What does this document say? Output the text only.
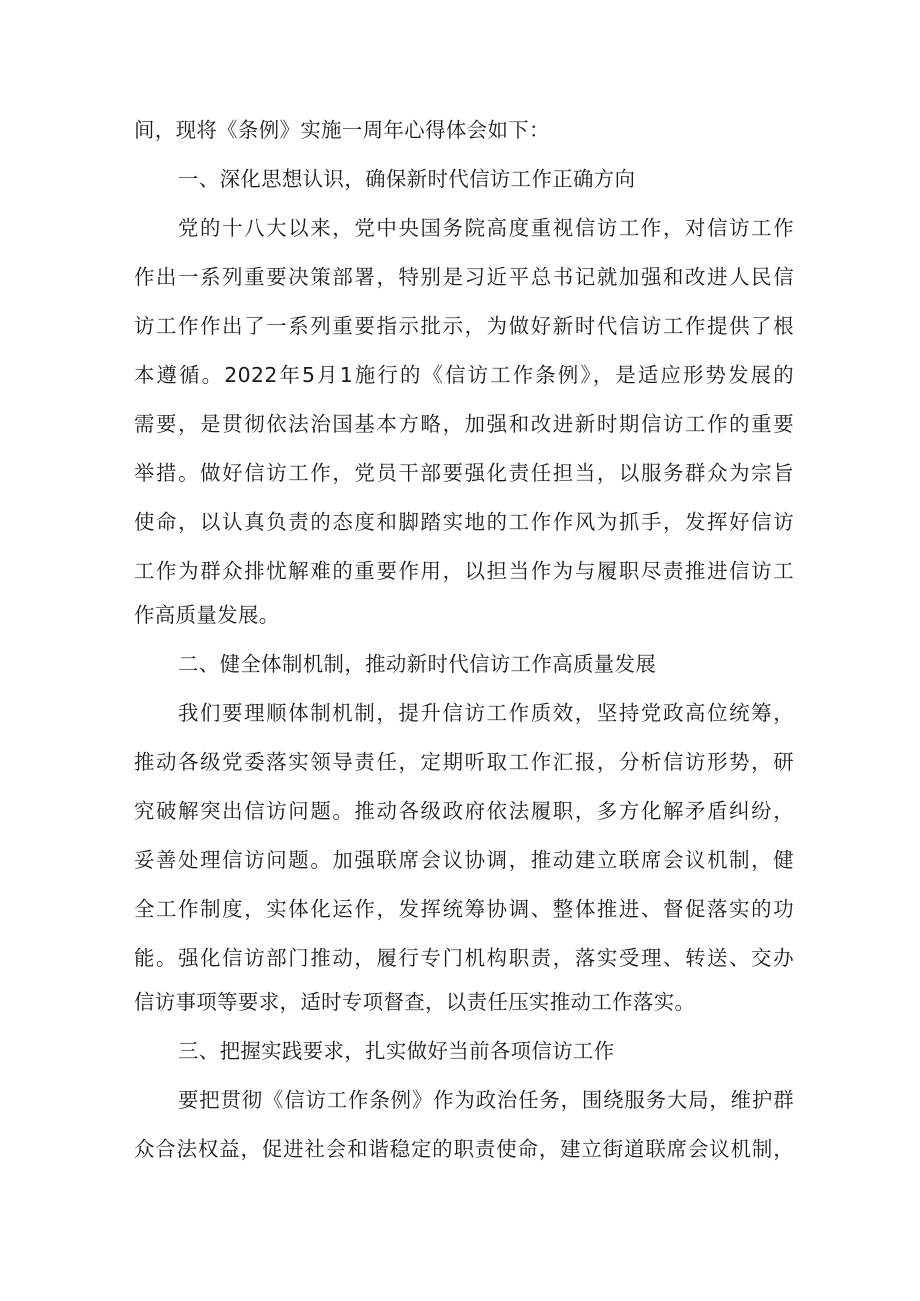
间，现将《条例》实施一周年心得体会如下：
一、深化思想认识，确保新时代信访工作正确方向
党的十八大以来，党中央国务院高度重视信访工作，对信访工作
作出一系列重要决策部署，特别是习近平总书记就加强和改进人民信
访工作作出了一系列重要指示批示，为做好新时代信访工作提供了根
本遵循。2022年5月1施行的《信访工作条例》，是适应形势发展的
需要，是贯彻依法治国基本方略，加强和改进新时期信访工作的重要
举措。做好信访工作，党员干部要强化责任担当，以服务群众为宗旨
使命，以认真负责的态度和脚踏实地的工作作风为抓手，发挥好信访
工作为群众排忧解难的重要作用，以担当作为与履职尽责推进信访工
作高质量发展。
二、健全体制机制，推动新时代信访工作高质量发展
我们要理顺体制机制，提升信访工作质效，坚持党政高位统筹，
推动各级党委落实领导责任，定期听取工作汇报，分析信访形势，研
究破解突出信访问题。推动各级政府依法履职，多方化解矛盾纠纷，
妥善处理信访问题。加强联席会议协调，推动建立联席会议机制，健
全工作制度，实体化运作，发挥统筹协调、整体推进、督促落实的功
能。强化信访部门推动，履行专门机构职责，落实受理、转送、交办
信访事项等要求，适时专项督查，以责任压实推动工作落实。
三、把握实践要求，扎实做好当前各项信访工作
要把贯彻《信访工作条例》作为政治任务，围绕服务大局，维护群
众合法权益，促进社会和谐稳定的职责使命，建立街道联席会议机制，
